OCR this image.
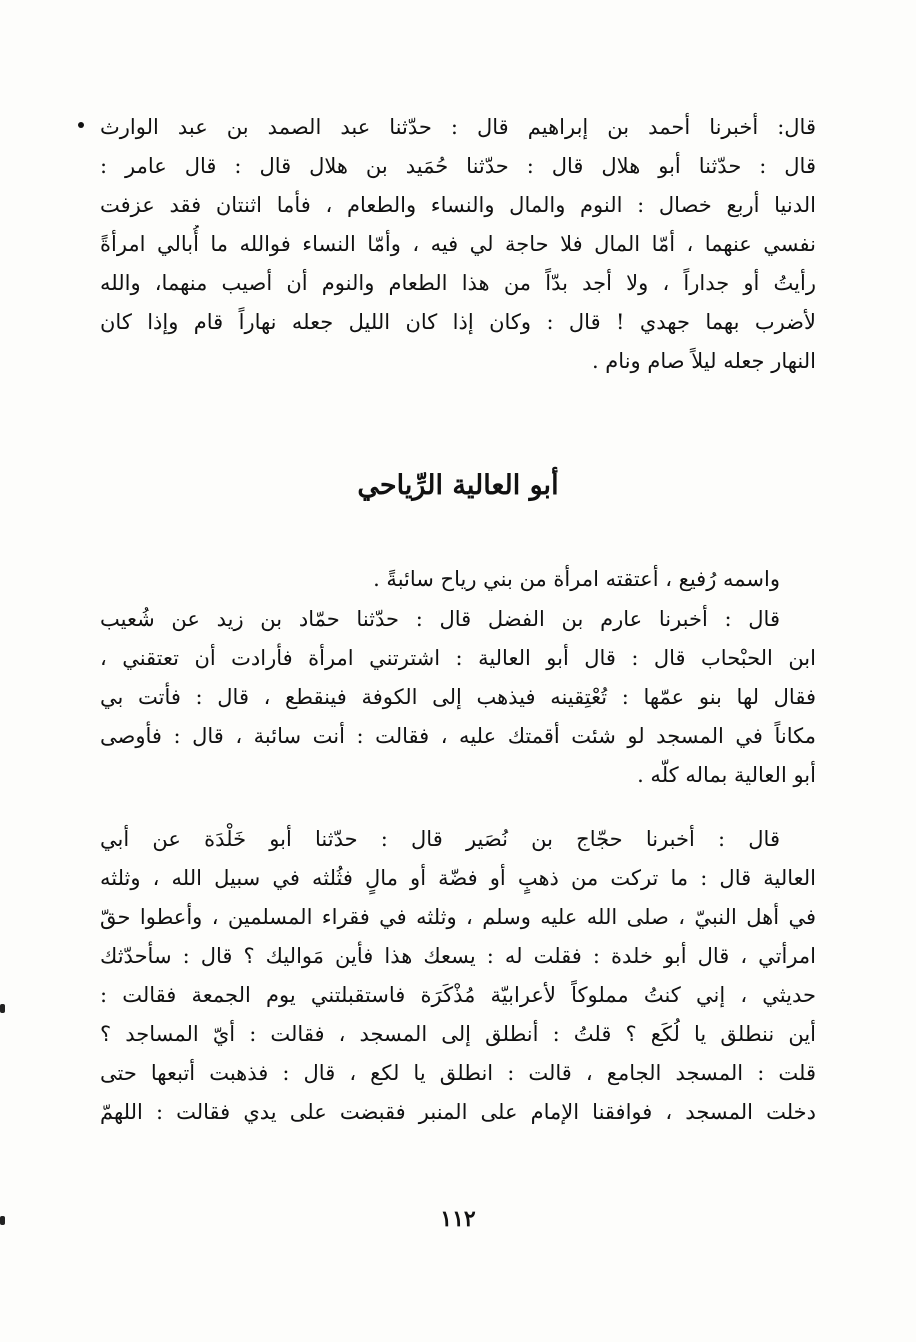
قال: أخبرنا أحمد بن إبراهيم قال : حدّثنا عبد الصمد بن عبد الوارث
قال : حدّثنا أبو هلال قال : حدّثنا حُمَيد بن هلال قال : قال عامر :
الدنيا أربع خصال : النوم والمال والنساء والطعام ، فأما اثنتان فقد عزفت
نفسي عنهما ، أمّا المال فلا حاجة لي فيه ، وأمّا النساء فوالله ما أُبالي امرأةً
رأيتُ أو جداراً ، ولا أجد بدّاً من هذا الطعام والنوم أن أصيب منهما، والله
لأضرب بهما جهدي ! قال : وكان إذا كان الليل جعله نهاراً قام وإذا كان
النهار جعله ليلاً صام ونام .
أبو العالية الرِّياحي
واسمه رُفيع ، أعتقته امرأة من بني رياح سائبةً .
قال : أخبرنا عارم بن الفضل قال : حدّثنا حمّاد بن زيد عن شُعيب
ابن الحبْحاب قال : قال أبو العالية : اشترتني امرأة فأرادت أن تعتقني ،
فقال لها بنو عمّها : تُعْتِقينه فيذهب إلى الكوفة فينقطع ، قال : فأتت بي
مكاناً في المسجد لو شئت أقمتك عليه ، فقالت : أنت سائبة ، قال : فأوصى
أبو العالية بماله كلّه .
قال : أخبرنا حجّاج بن نُصَير قال : حدّثنا أبو خَلْدَة عن أبي
العالية قال : ما تركت من ذهبٍ أو فضّة أو مالٍ فثُلثه في سبيل الله ، وثلثه
في أهل النبيّ ، صلى الله عليه وسلم ، وثلثه في فقراء المسلمين ، وأعطوا حقّ
امرأتي ، قال أبو خلدة : فقلت له : يسعك هذا فأين مَواليك ؟ قال : سأحدّثك
حديثي ، إني كنتُ مملوكاً لأعرابيّة مُذْكَرَة فاستقبلتني يوم الجمعة فقالت :
أين ننطلق يا لُكَع ؟ قلتُ : أنطلق إلى المسجد ، فقالت : أيّ المساجد ؟
قلت : المسجد الجامع ، قالت : انطلق يا لكع ، قال : فذهبت أتبعها حتى
دخلت المسجد ، فوافقنا الإمام على المنبر فقبضت على يدي فقالت : اللهمّ
١١٢
